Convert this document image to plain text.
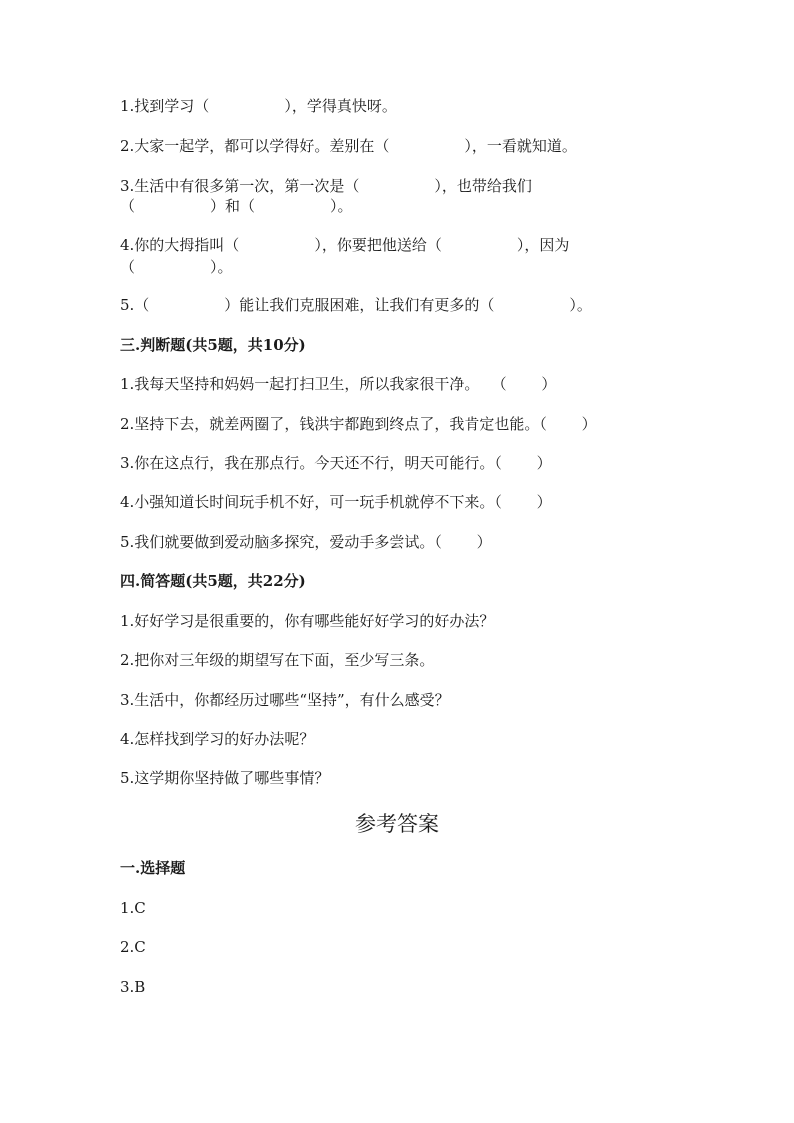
1.找到学习（　　　　　），学得真快呀。
2.大家一起学，都可以学得好。差别在（　　　　　），一看就知道。
3.生活中有很多第一次，第一次是（　　　　　），也带给我们
（　　　　　）和（　　　　　）。
4.你的大拇指叫（　　　　　），你要把他送给（　　　　　），因为
（　　　　　）。
5.（　　　　　）能让我们克服困难，让我们有更多的（　　　　　）。
三.判断题(共5题，共10分)
1.我每天坚持和妈妈一起打扫卫生，所以我家很干净。　 （　　 ）
2.坚持下去，就差两圈了，钱洪宇都跑到终点了，我肯定也能。（　　 ）
3.你在这点行，我在那点行。今天还不行，明天可能行。（　　 ）
4.小强知道长时间玩手机不好，可一玩手机就停不下来。（　　 ）
5.我们就要做到爱动脑多探究，爱动手多尝试。（　　 ）
四.简答题(共5题，共22分)
1.好好学习是很重要的，你有哪些能好好学习的好办法？
2.把你对三年级的期望写在下面，至少写三条。
3.生活中，你都经历过哪些“坚持”，有什么感受？
4.怎样找到学习的好办法呢？
5.这学期你坚持做了哪些事情？
参考答案
一.选择题
1.C
2.C
3.B
